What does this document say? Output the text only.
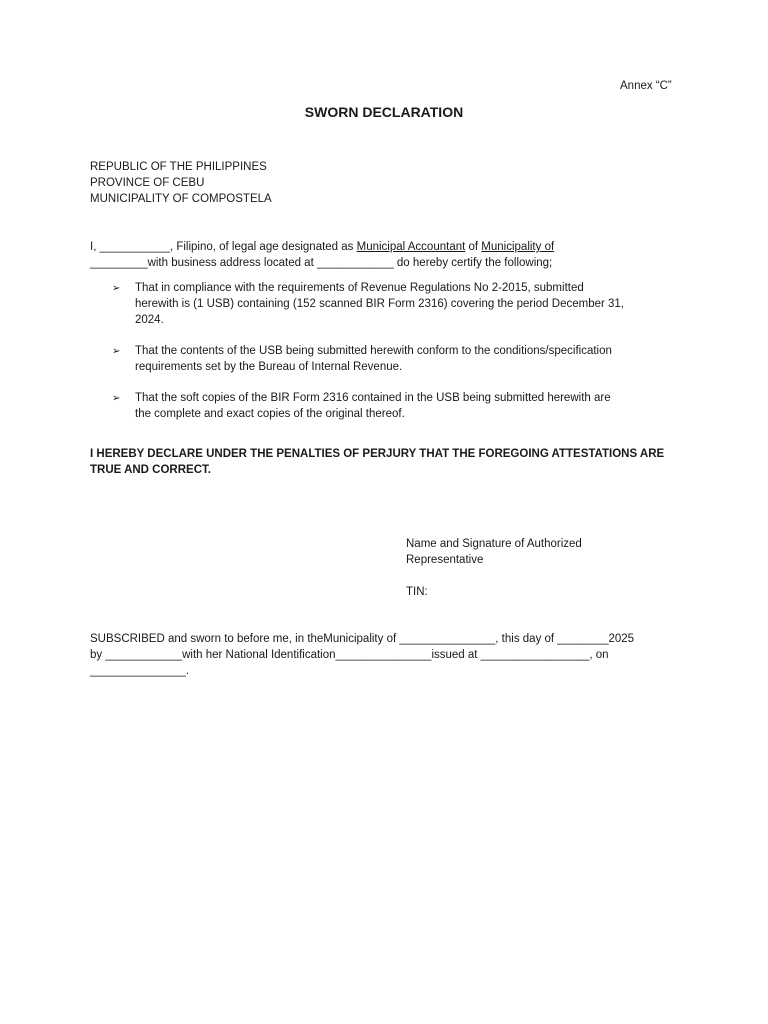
Annex “C”
SWORN DECLARATION
REPUBLIC OF THE PHILIPPINES
PROVINCE OF CEBU
MUNICIPALITY OF COMPOSTELA
I, ___________, Filipino, of legal age designated as Municipal Accountant of Municipality of
_________with business address located at ____________ do hereby certify the following;
➢ That in compliance with the requirements of Revenue Regulations No 2-2015, submitted
herewith is (1 USB) containing (152 scanned BIR Form 2316) covering the period December 31,
2024.
➢ That the contents of the USB being submitted herewith conform to the conditions/specification
requirements set by the Bureau of Internal Revenue.
➢ That the soft copies of the BIR Form 2316 contained in the USB being submitted herewith are
the complete and exact copies of the original thereof.
I HEREBY DECLARE UNDER THE PENALTIES OF PERJURY THAT THE FOREGOING ATTESTATIONS ARE
TRUE AND CORRECT.
Name and Signature of Authorized
Representative
TIN:
SUBSCRIBED and sworn to before me, in theMunicipality of _______________, this day of ________2025
by ____________with her National Identification_______________issued at _________________, on
_______________.
